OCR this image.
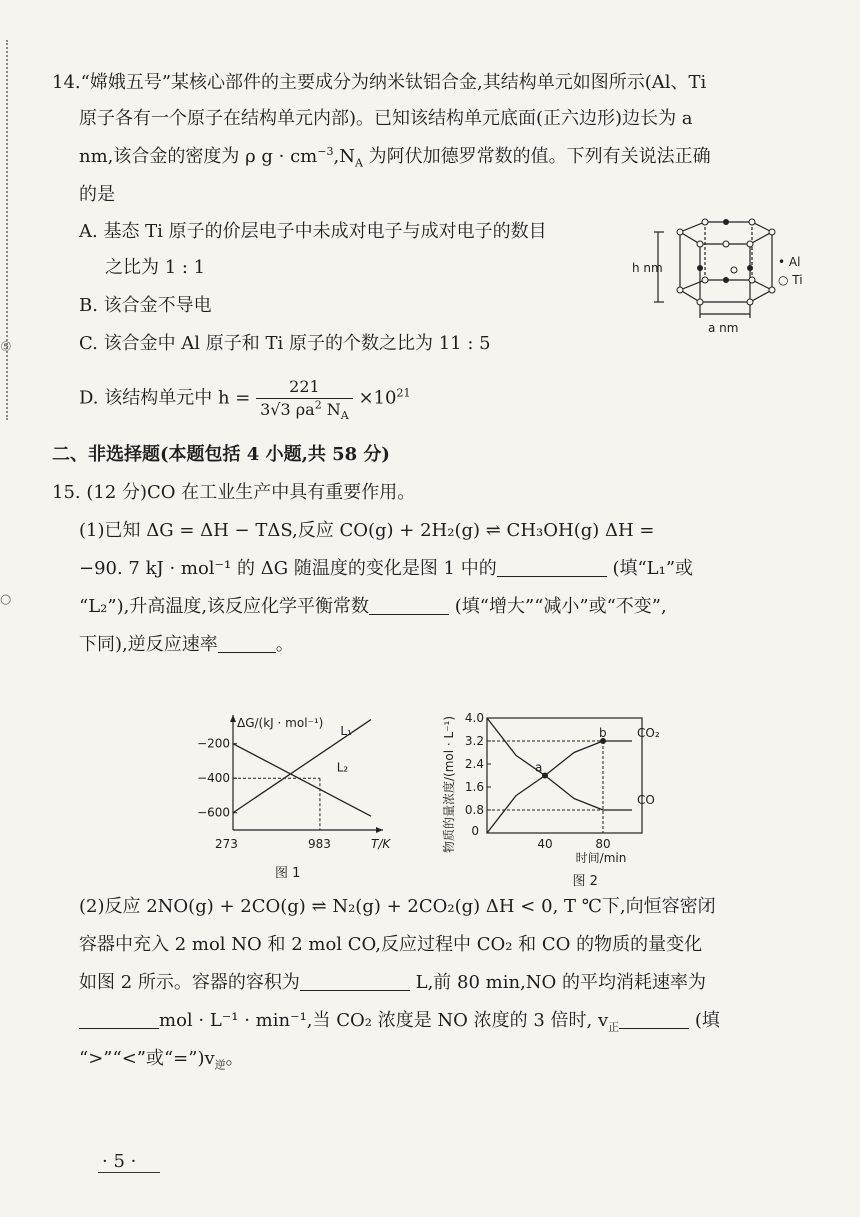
⑤
○
14.“嫦娥五号”某核心部件的主要成分为纳米钛铝合金,其结构单元如图所示(Al、Ti
原子各有一个原子在结构单元内部)。已知该结构单元底面(正六边形)边长为 a
nm,该合金的密度为 ρ $g \cdot cm^{-3},N_A$ 为阿伏加德罗常数的值。下列有关说法正确
的是
A. 基态 Ti 原子的价层电子中未成对电子与成对电子的数目
之比为 1 : 1
B. 该合金不导电
C. 该合金中 Al 原子和 Ti 原子的个数之比为 11 : 5
D. 该结构单元中 $h = \frac{221}{3√3 \rho a^2 N_A} \times 10^{21}$
h nm
a nm
• Al
○ Ti
二、非选择题(本题包括 4 小题,共 58 分)
15. (12 分)CO 在工业生产中具有重要作用。
(1)已知 ΔG = ΔH − TΔS,反应 CO(g) + 2H₂(g) ⇌ CH₃OH(g) ΔH =
−90. 7 kJ · mol⁻¹ 的 ΔG 随温度的变化是图 1 中的	(填“L₁”或
“L₂”),升高温度,该反应化学平衡常数	(填“增大”“减小”或“不变”,
下同),逆反应速率	。
ΔG/(kJ · mol⁻¹)
T/K
−200
−400
−600
273	983
L₁
L₂
图 1
0.8
1.6
2.4
3.2
4.0
0
40	80
时间/min
物质的量浓度/(mol · L⁻¹)	CO₂
CO
a
b
图 2
(2)反应 2NO(g) + 2CO(g) ⇌ N₂(g) + 2CO₂(g) ΔH < 0, T ℃下,向恒容密闭
容器中充入 2 mol NO 和 2 mol CO,反应过程中 CO₂ 和 CO 的物质的量变化
如图 2 所示。容器的容积为	L,前 80 min,NO 的平均消耗速率为
mol · L⁻¹ · min⁻¹,当 CO₂ 浓度是 NO 浓度的 3 倍时, $v_正$	(填
“>”“<”或“$=”)v_逆$。
· 5 ·
